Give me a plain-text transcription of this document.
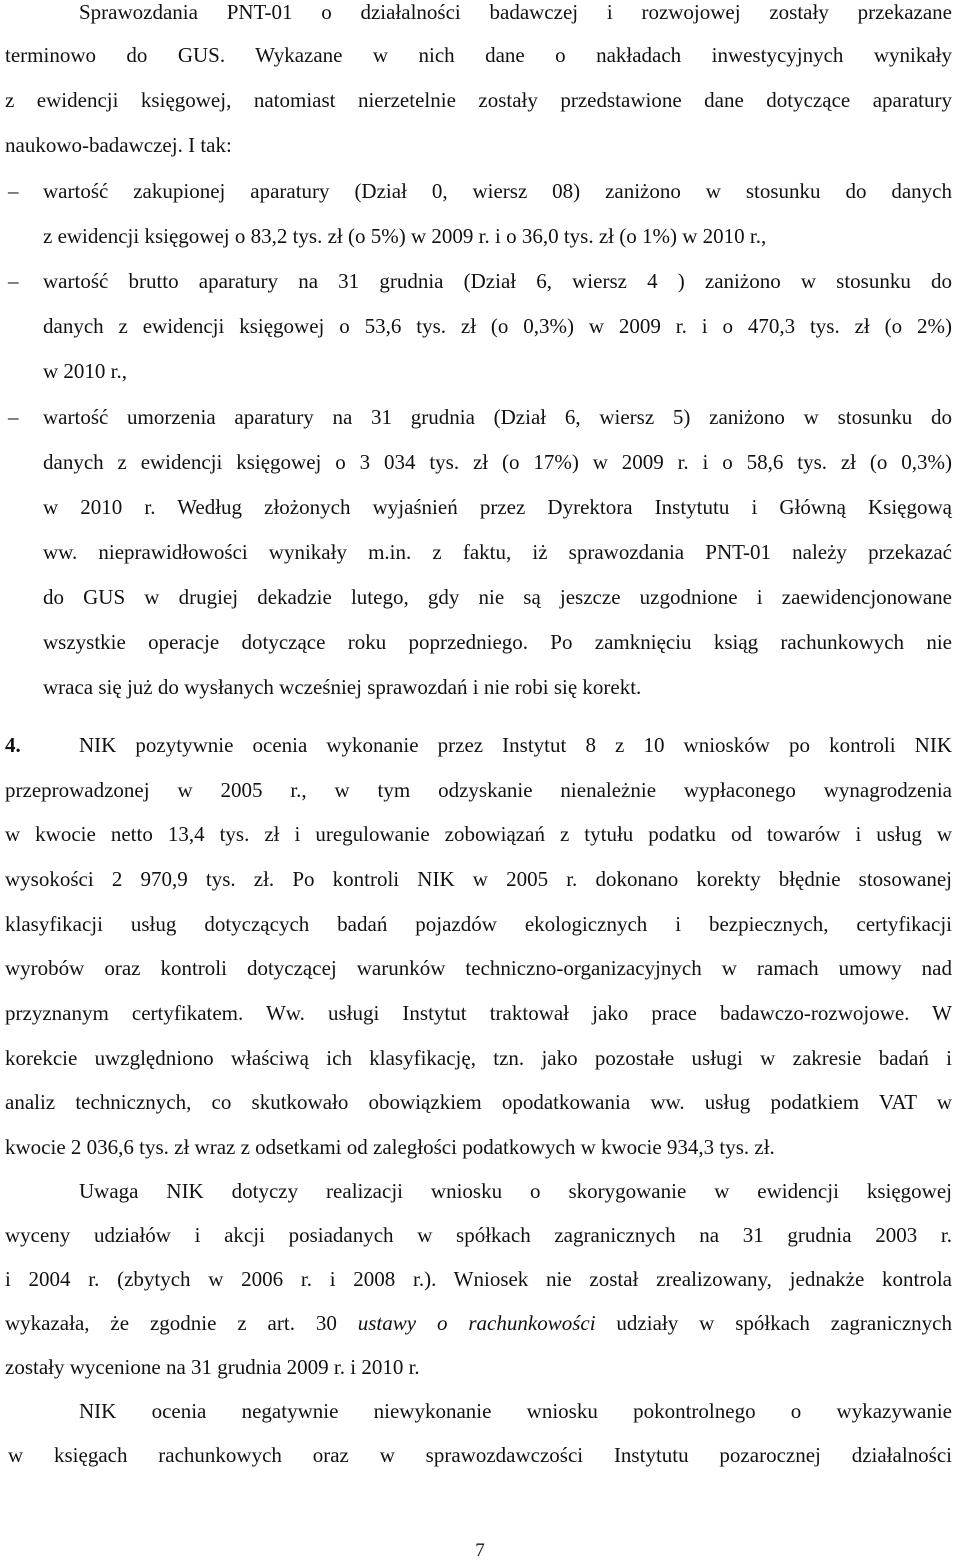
Sprawozdania PNT-01 o działalności badawczej i rozwojowej zostały przekazane
terminowo do GUS. Wykazane w nich dane o nakładach inwestycyjnych wynikały
z ewidencji księgowej, natomiast nierzetelnie zostały przedstawione dane dotyczące aparatury
naukowo-badawczej. I tak:
– wartość zakupionej aparatury (Dział 0, wiersz 08) zaniżono w stosunku do danych
z ewidencji księgowej o 83,2 tys. zł (o 5%) w 2009 r. i o 36,0 tys. zł (o 1%) w 2010 r.,
– wartość brutto aparatury na 31 grudnia (Dział 6, wiersz 4 ) zaniżono w stosunku do
danych z ewidencji księgowej o 53,6 tys. zł (o 0,3%) w 2009 r. i o 470,3 tys. zł (o 2%)
w 2010 r.,
– wartość umorzenia aparatury na 31 grudnia (Dział 6, wiersz 5) zaniżono w stosunku do
danych z ewidencji księgowej o 3 034 tys. zł (o 17%) w 2009 r. i o 58,6 tys. zł (o 0,3%)
w 2010 r. Według złożonych wyjaśnień przez Dyrektora Instytutu i Główną Księgową
ww. nieprawidłowości wynikały m.in. z faktu, iż sprawozdania PNT-01 należy przekazać
do GUS w drugiej dekadzie lutego, gdy nie są jeszcze uzgodnione i zaewidencjonowane
wszystkie operacje dotyczące roku poprzedniego. Po zamknięciu ksiąg rachunkowych nie
wraca się już do wysłanych wcześniej sprawozdań i nie robi się korekt.
4.	NIK pozytywnie ocenia wykonanie przez Instytut 8 z 10 wniosków po kontroli NIK
przeprowadzonej w 2005 r., w tym odzyskanie nienależnie wypłaconego wynagrodzenia
w kwocie netto 13,4 tys. zł i uregulowanie zobowiązań z tytułu podatku od towarów i usług w
wysokości 2 970,9 tys. zł. Po kontroli NIK w 2005 r. dokonano korekty błędnie stosowanej
klasyfikacji usług dotyczących badań pojazdów ekologicznych i bezpiecznych, certyfikacji
wyrobów oraz kontroli dotyczącej warunków techniczno-organizacyjnych w ramach umowy nad
przyznanym certyfikatem. Ww. usługi Instytut traktował jako prace badawczo-rozwojowe. W
korekcie uwzględniono właściwą ich klasyfikację, tzn. jako pozostałe usługi w zakresie badań i
analiz technicznych, co skutkowało obowiązkiem opodatkowania ww. usług podatkiem VAT w
kwocie 2 036,6 tys. zł wraz z odsetkami od zaległości podatkowych w kwocie 934,3 tys. zł.
Uwaga NIK dotyczy realizacji wniosku o skorygowanie w ewidencji księgowej
wyceny udziałów i akcji posiadanych w spółkach zagranicznych na 31 grudnia 2003 r.
i 2004 r. (zbytych w 2006 r. i 2008 r.). Wniosek nie został zrealizowany, jednakże kontrola
wykazała, że zgodnie z art. 30 ustawy o rachunkowości udziały w spółkach zagranicznych
zostały wycenione na 31 grudnia 2009 r. i 2010 r.
NIK ocenia negatywnie niewykonanie wniosku pokontrolnego o wykazywanie
w księgach rachunkowych oraz w sprawozdawczości Instytutu pozarocznej działalności
7
